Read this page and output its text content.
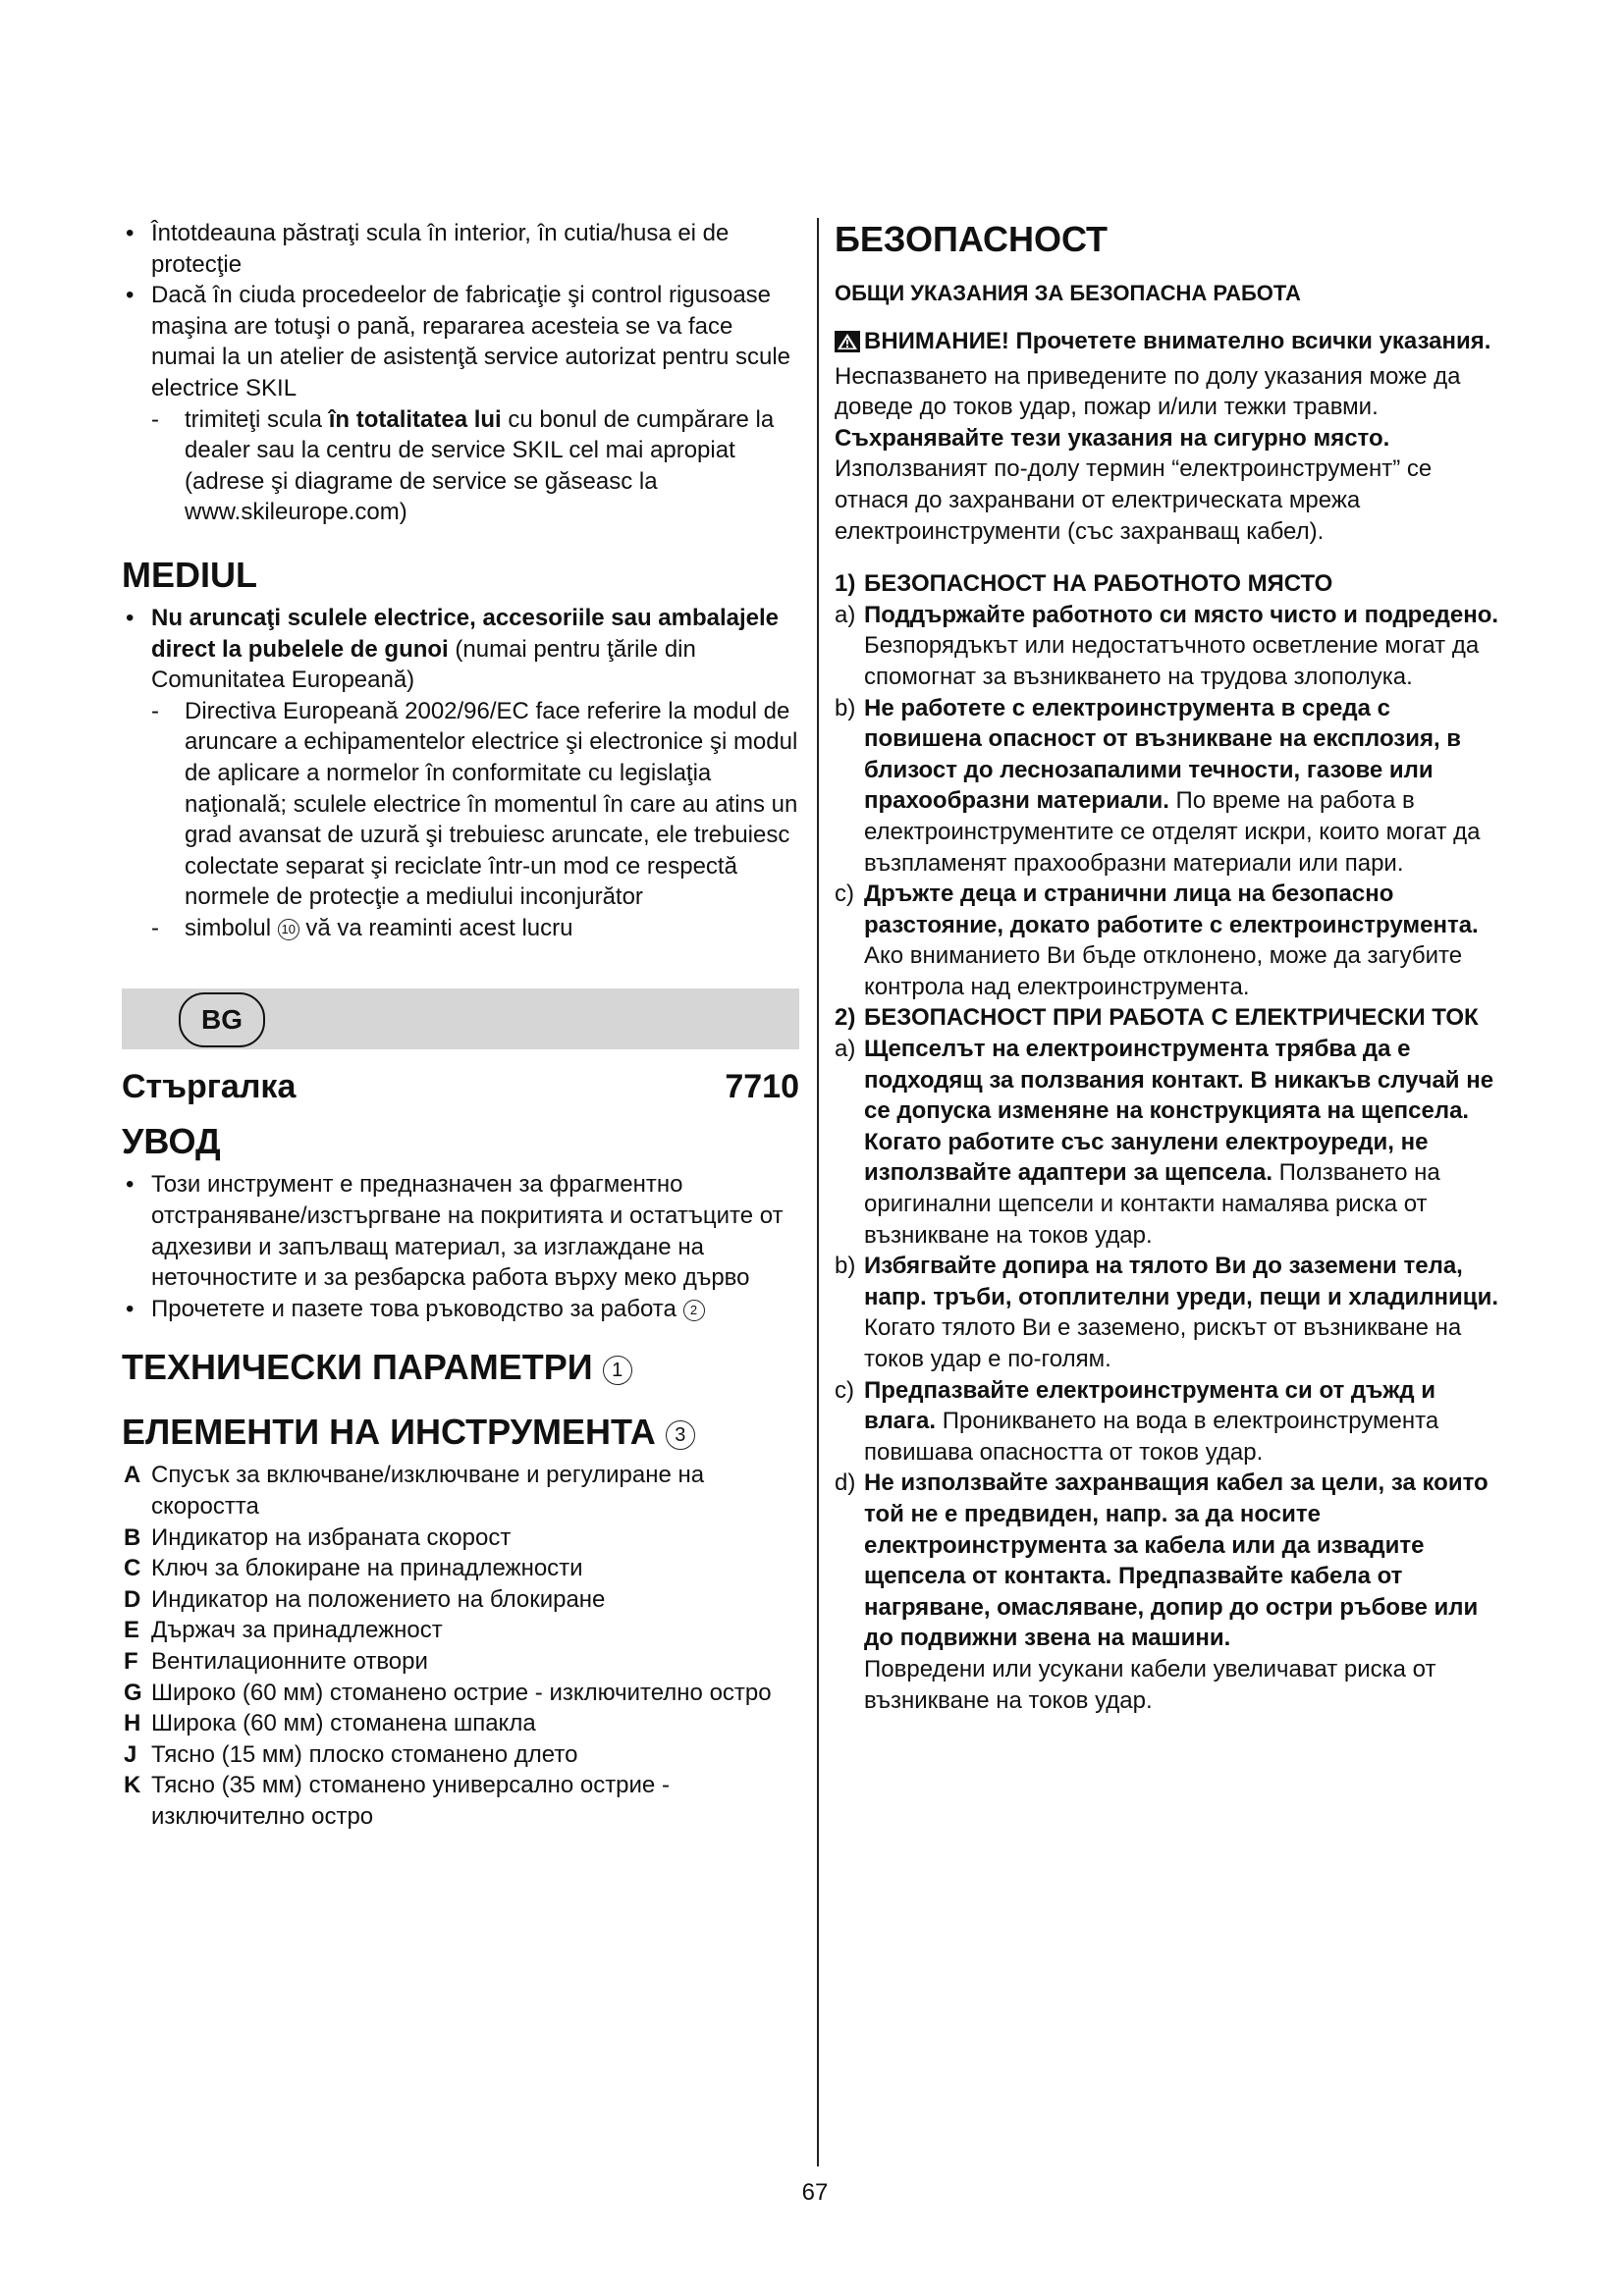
• Întotdeauna păstraţi scula în interior, în cutia/husa ei de protecţie

• Dacă în ciuda procedeelor de fabricaţie şi control rigusoase maşina are totuşi o pană, repararea acesteia se va face numai la un atelier de asistenţă service autorizat pentru scule electrice SKIL

- trimiteţi scula în totalitatea lui cu bonul de cumpărare la dealer sau la centru de service SKIL cel mai apropiat (adrese şi diagrame de service se găseasc la www.skileurope.com)

MEDIUL

• Nu aruncaţi sculele electrice, accesoriile sau ambalajele direct la pubelele de gunoi (numai pentru ţările din Comunitatea Europeană)

- Directiva Europeană 2002/96/EC face referire la modul de aruncare a echipamentelor electrice şi electronice şi modul de aplicare a normelor în conformitate cu legislaţia naţională; sculele electrice în momentul în care au atins un grad avansat de uzură şi trebuiesc aruncate, ele trebuiesc colectate separat şi reciclate într-un mod ce respectă normele de protecţie a mediului inconjurător

- simbolul 10 vă va reaminti acest lucru

BG
Стъргалка	7710
УВОД

• Този инструмент е предназначен за фрагментно отстраняване/изстъргване на покритията и остатъците от адхезиви и запълващ материал, за изглаждане на неточностите и за резбарска работа върху меко дърво

• Прочетете и пазете това ръководство за работа 2

ТЕХНИЧЕСКИ ПАРАМЕТРИ 1
ЕЛЕМЕНТИ НА ИНСТРУМЕНТА 3

A Спусък за включване/изключване и регулиране на скоростта

B Индикатор на избраната скорост

C Ключ за блокиране на принадлежности

D Индикатор на положението на блокиране

E Държач за принадлежност

F Вентилационните отвори

G Широко (60 мм) стоманено острие - изключително остро

H Широка (60 мм) стоманена шпакла

J Тясно (15 мм) плоско стоманено длето

K Тясно (35 мм) стоманено универсално острие - изключително остро

БЕЗОПАСНОСТ

ОБЩИ УКАЗАНИЯ ЗА БЕЗОПАСНА РАБОТА

ВНИМАНИЕ! Прочетете внимателно всички указания. Неспазването на приведените по долу указания може да доведе до токов удар, пожар и/или тежки травми. Съхранявайте тези указания на сигурно място. Използваният по-долу термин “електроинструмент” се отнася до захранвани от електрическата мрежа електроинструменти (със захранващ кабел).

1) БЕЗОПАСНОСТ НА РАБОТНОТО МЯСТО

a) Поддържайте работното си място чисто и подредено. Безпорядъкът или недостатъчното осветление могат да спомогнат за възникването на трудова злополука.

b) Не работете с електроинструмента в среда с повишена опасност от възникване на експлозия, в близост до леснозапалими течности, газове или прахообразни материали. По време на работа в електроинструментите се отделят искри, които могат да възпламенят прахообразни материали или пари.

c) Дръжте деца и странични лица на безопасно разстояние, докато работите с електроинструмента. Ако вниманието Ви бъде отклонено, може да загубите контрола над електроинструмента.

2) БЕЗОПАСНОСТ ПРИ РАБОТА С ЕЛЕКТРИЧЕСКИ ТОК

a) Щепселът на електроинструмента трябва да е подходящ за ползвания контакт. В никакъв случай не се допуска изменяне на конструкцията на щепсела. Когато работите със занулени електроуреди, не използвайте адаптери за щепсела. Ползването на оригинални щепсели и контакти намалява риска от възникване на токов удар.

b) Избягвайте допира на тялото Ви до заземени тела, напр. тръби, отоплителни уреди, пещи и хладилници. Когато тялото Ви е заземено, рискът от възникване на токов удар е по-голям.

c) Предпазвайте електроинструмента си от дъжд и влага. Проникването на вода в електроинструмента повишава опасността от токов удар.

d) Не използвайте захранващия кабел за цели, за които той не е предвиден, напр. за да носите електроинструмента за кабела или да извадите щепсела от контакта. Предпазвайте кабела от нагряване, омасляване, допир до остри ръбове или до подвижни звена на машини.
Повредени или усукани кабели увеличават риска от възникване на токов удар.

67
